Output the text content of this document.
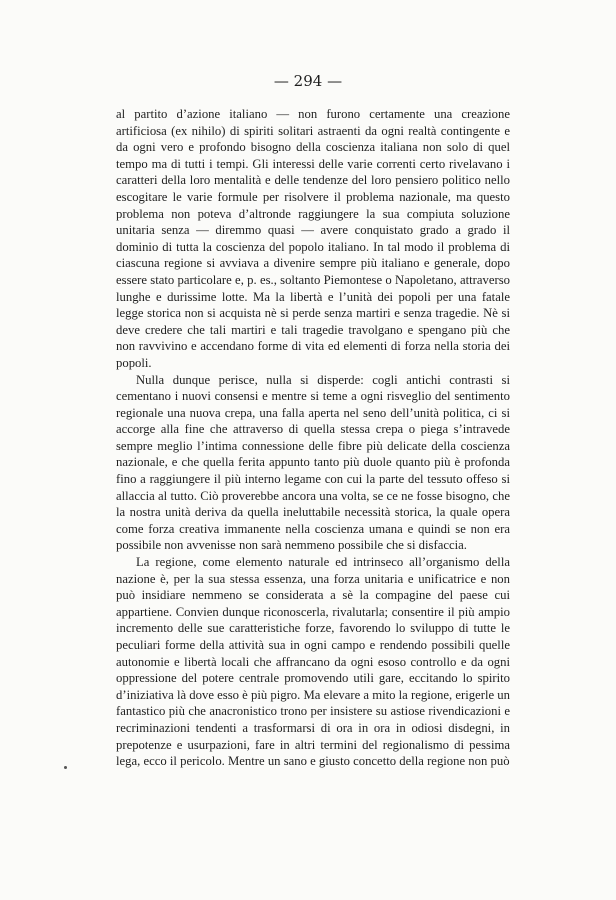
— 294 —

al partito d’azione italiano — non furono certamente una creazione artificiosa (ex nihilo) di spiriti solitari astraenti da ogni realtà contingente e da ogni vero e profondo bisogno della coscienza italiana non solo di quel tempo ma di tutti i tempi. Gli interessi delle varie correnti certo rivelavano i caratteri della loro mentalità e delle tendenze del loro pensiero politico nello escogitare le varie formule per risolvere il problema nazionale, ma questo problema non poteva d’altronde raggiungere la sua compiuta soluzione unitaria senza — diremmo quasi — avere conquistato grado a grado il dominio di tutta la coscienza del popolo italiano. In tal modo il problema di ciascuna regione si avviava a divenire sempre più italiano e generale, dopo essere stato particolare e, p. es., soltanto Piemontese o Napoletano, attraverso lunghe e durissime lotte. Ma la libertà e l’unità dei popoli per una fatale legge storica non si acquista nè si perde senza martiri e senza tragedie. Nè si deve credere che tali martiri e tali tragedie travolgano e spengano più che non ravvivino e accendano forme di vita ed elementi di forza nella storia dei popoli.

Nulla dunque perisce, nulla si disperde: cogli antichi contrasti si cementano i nuovi consensi e mentre si teme a ogni risveglio del sentimento regionale una nuova crepa, una falla aperta nel seno dell’unità politica, ci si accorge alla fine che attraverso di quella stessa crepa o piega s’intravede sempre meglio l’intima connessione delle fibre più delicate della coscienza nazionale, e che quella ferita appunto tanto più duole quanto più è profonda fino a raggiungere il più interno legame con cui la parte del tessuto offeso si allaccia al tutto. Ciò proverebbe ancora una volta, se ce ne fosse bisogno, che la nostra unità deriva da quella ineluttabile necessità storica, la quale opera come forza creativa immanente nella coscienza umana e quindi se non era possibile non avvenisse non sarà nemmeno possibile che si disfaccia.

La regione, come elemento naturale ed intrinseco all’organismo della nazione è, per la sua stessa essenza, una forza unitaria e unificatrice e non può insidiare nemmeno se considerata a sè la compagine del paese cui appartiene. Convien dunque riconoscerla, rivalutarla; consentire il più ampio incremento delle sue caratteristiche forze, favorendo lo sviluppo di tutte le peculiari forme della attività sua in ogni campo e rendendo possibili quelle autonomie e libertà locali che affrancano da ogni esoso controllo e da ogni oppressione del potere centrale promovendo utili gare, eccitando lo spirito d’iniziativa là dove esso è più pigro. Ma elevare a mito la regione, erigerle un fantastico più che anacronistico trono per insistere su astiose rivendicazioni e recriminazioni tendenti a trasformarsi di ora in ora in odiosi disdegni, in prepotenze e usurpazioni, fare in altri termini del regionalismo di pessima lega, ecco il pericolo. Mentre un sano e giusto concetto della regione non può
